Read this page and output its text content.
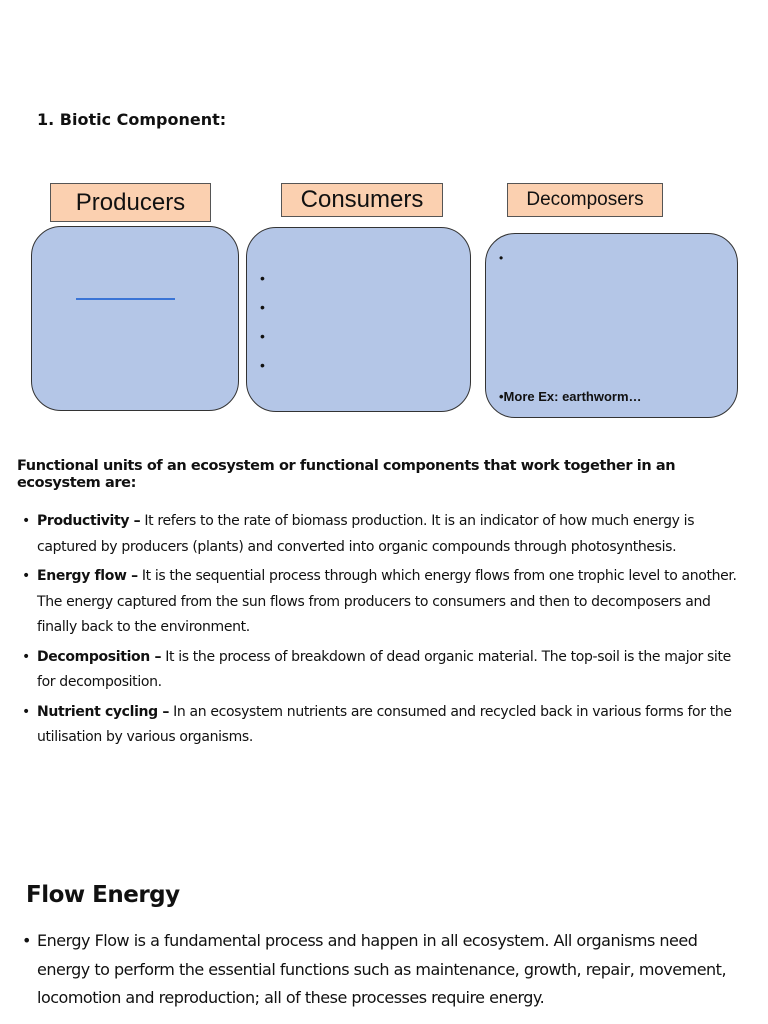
1. Biotic Component:
Producers	Consumers	Decomposers
•
•
•
•
•
•More Ex: earthworm…
Functional units of an ecosystem or functional components that work together in an ecosystem are:
• Productivity – It refers to the rate of biomass production. It is an indicator of how much energy is captured by producers (plants) and converted into organic compounds through photosynthesis.
• Energy flow – It is the sequential process through which energy flows from one trophic level to another. The energy captured from the sun flows from producers to consumers and then to decomposers and finally back to the environment.
• Decomposition – It is the process of breakdown of dead organic material. The top-soil is the major site for decomposition.
• Nutrient cycling – In an ecosystem nutrients are consumed and recycled back in various forms for the utilisation by various organisms.
Flow Energy
• Energy Flow is a fundamental process and happen in all ecosystem. All organisms need energy to perform the essential functions such as maintenance, growth, repair, movement, locomotion and reproduction; all of these processes require energy.
